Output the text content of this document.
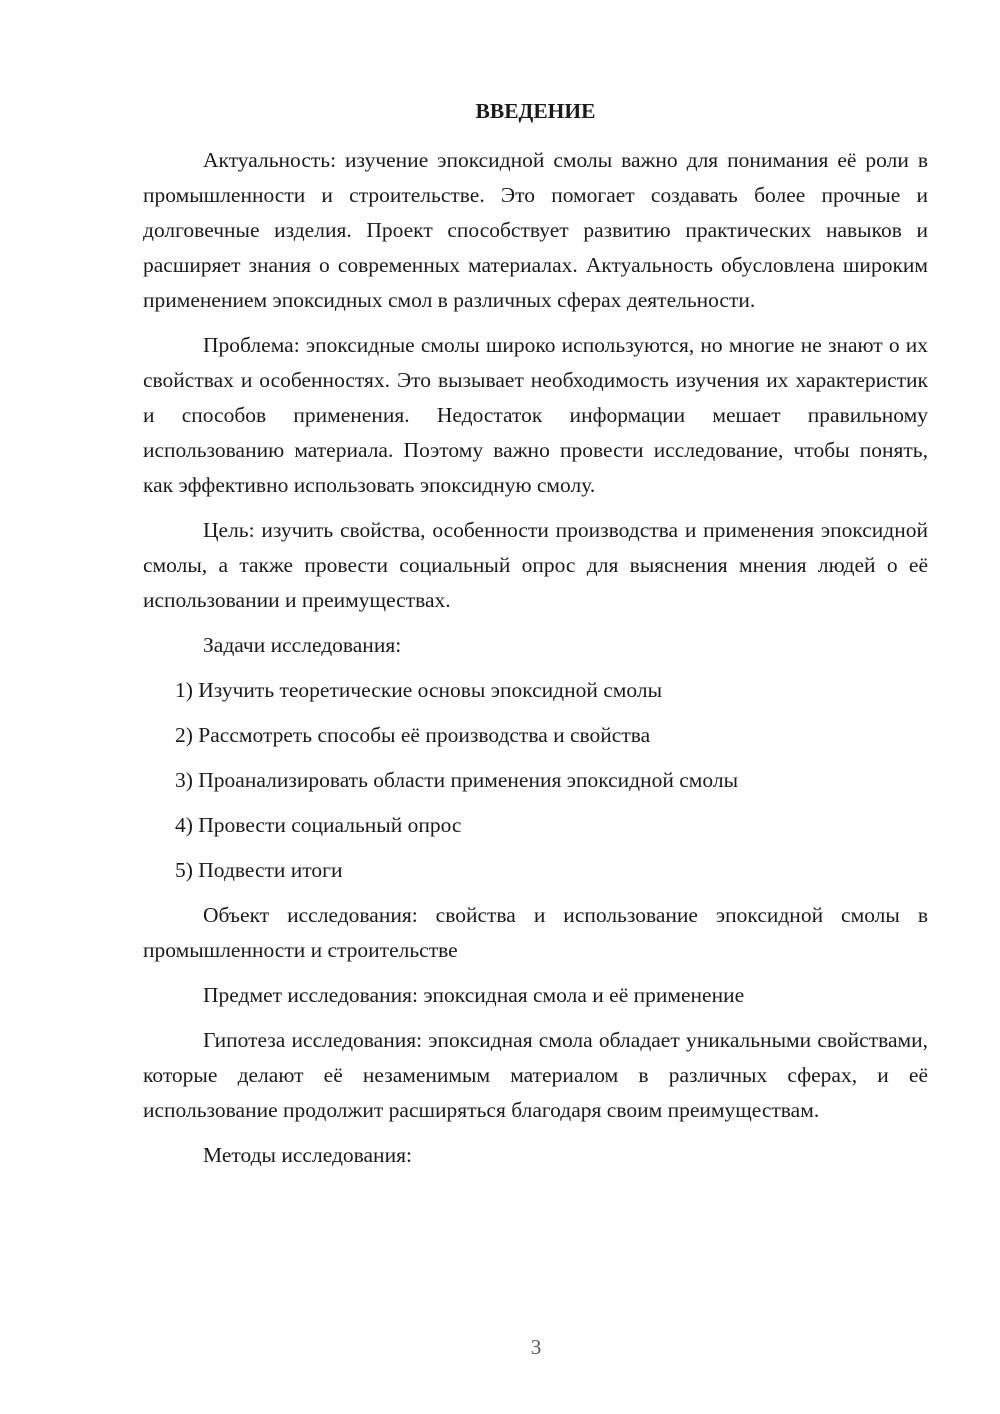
ВВЕДЕНИЕ

Актуальность: изучение эпоксидной смолы важно для понимания её роли в промышленности и строительстве. Это помогает создавать более прочные и долговечные изделия. Проект способствует развитию практических навыков и расширяет знания о современных материалах. Актуальность обусловлена широким применением эпоксидных смол в различных сферах деятельности.

Проблема: эпоксидные смолы широко используются, но многие не знают о их свойствах и особенностях. Это вызывает необходимость изучения их характеристик и способов применения. Недостаток информации мешает правильному использованию материала. Поэтому важно провести исследование, чтобы понять, как эффективно использовать эпоксидную смолу.

Цель: изучить свойства, особенности производства и применения эпоксидной смолы, а также провести социальный опрос для выяснения мнения людей о её использовании и преимуществах.

Задачи исследования:

1) Изучить теоретические основы эпоксидной смолы
2) Рассмотреть способы её производства и свойства
3) Проанализировать области применения эпоксидной смолы
4) Провести социальный опрос
5) Подвести итоги

Объект исследования: свойства и использование эпоксидной смолы в промышленности и строительстве

Предмет исследования: эпоксидная смола и её применение

Гипотеза исследования: эпоксидная смола обладает уникальными свойствами, которые делают её незаменимым материалом в различных сферах, и её использование продолжит расширяться благодаря своим преимуществам.

Методы исследования:

3
